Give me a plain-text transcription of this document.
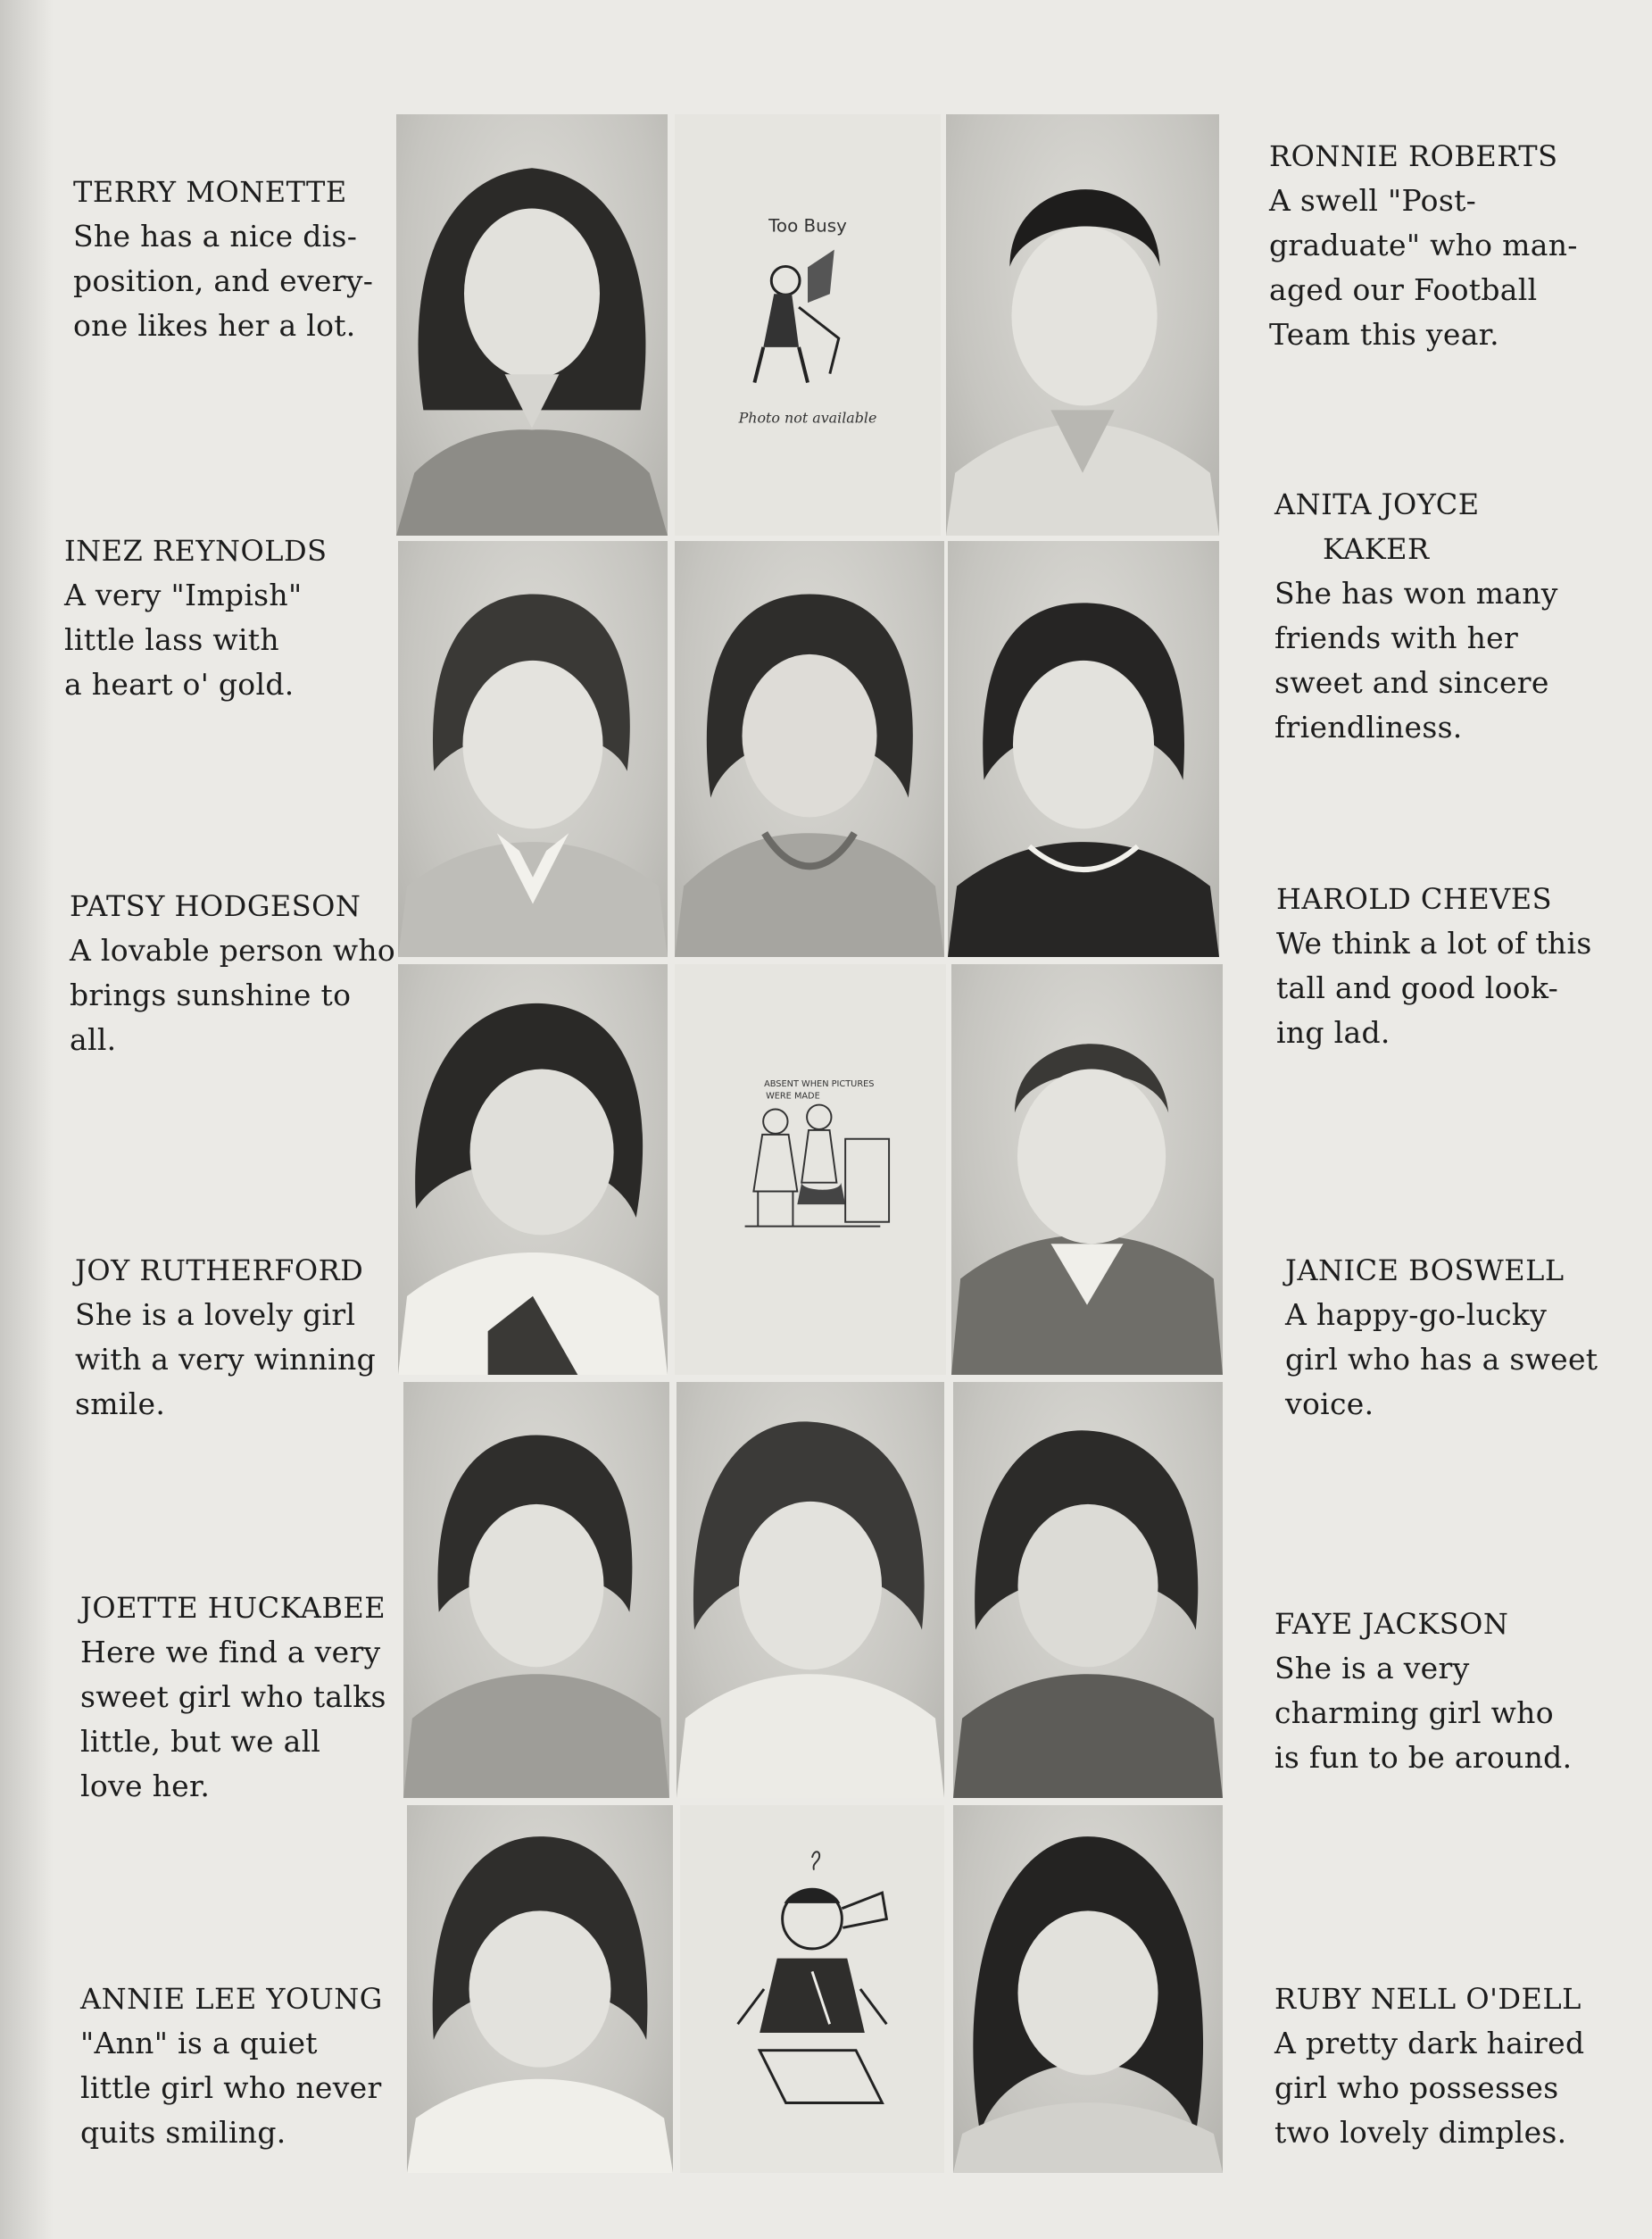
TERRY MONETTE
She has a nice dis-
position, and every-
one likes her a lot.
INEZ REYNOLDS
A very "Impish"
little lass with
a heart o' gold.
PATSY HODGESON
A lovable person who
brings sunshine to
all.
JOY RUTHERFORD
She is a lovely girl
with a very winning
smile.
JOETTE HUCKABEE
Here we find a very
sweet girl who talks
little, but we all
love her.
ANNIE LEE YOUNG
"Ann" is a quiet
little girl who never
quits smiling.
RONNIE ROBERTS
A swell "Post-
graduate" who man-
aged our Football
Team this year.
ANITA JOYCE
KAKER
She has won many
friends with her
sweet and sincere
friendliness.
HAROLD CHEVES
We think a lot of this
tall and good look-
ing lad.
JANICE BOSWELL
A happy-go-lucky
girl who has a sweet
voice.
FAYE JACKSON
She is a very
charming girl who
is fun to be around.
RUBY NELL O'DELL
A pretty dark haired
girl who possesses
two lovely dimples.
Too Busy
Photo not available
ABSENT WHEN PICTURES
WERE MADE
